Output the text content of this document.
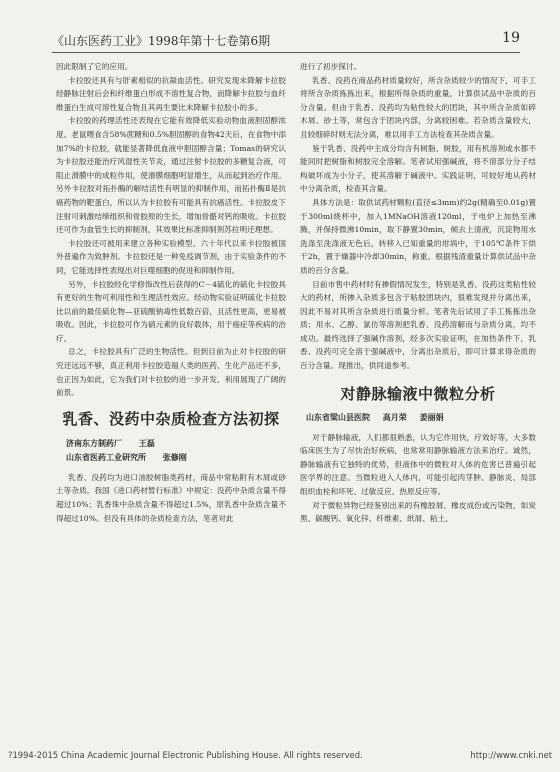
《山东医药工业》1998年第十七卷第6期	19

因此限制了它的应用。

卡拉胶还具有与肝素相似的抗凝血活性。研究发现未降解卡拉胶经静脉注射后会和纤维蛋白形成不溶性复合物，而降解卡拉胶与血纤维蛋白生成可溶性复合物且其再生要比未降解卡拉胶小的多。

卡拉胶的药理活性还表现在它能有效降低实验动物血液胆固醇浓度。老鼠喂食含58%蔗糖和0.5%胆固醇的食物42天后，在食物中添加7%的卡拉胶，就能显著降低血液中胆固醇含量；Tomas的研究认为卡拉胶还能治疗风湿性关节炎，通过注射卡拉胶的多糖复合液，可阻止滑膜中的成粒作用，使滑膜细胞明显增生，从而起到治疗作用。另外卡拉胶对拓扑酶的解结活性有明显的抑制作用，而拓扑酶Ⅱ是抗癌药物的靶蛋白，所以认为卡拉胶有可能具有抗癌活性。卡拉胶皮下注射可刺激结缔组织和骨胶原的生长，增加骨骼对钙的吸收。卡拉胶还可作为血管生长的抑制剂，其效果比标准抑制剂苏拉明还理想。

卡拉胶还可被用来建立各种实验模型。六十年代以来卡拉胶被国外普遍作为致肿剂。卡拉胶还是一种免疫调节剂，由于实验条件的不同，它能选择性表现出对巨噬细胞的促进和抑制作用。

另外，卡拉胶经化学修饰改性后获得的C－4硫化的硫化卡拉胶具有更好的生物可利用性和生理活性效应。经动物实验证明硫化卡拉胶比以前的最佳硫化物—亚硫酸钠毒性低数百倍，且活性更高，更易被吸收。因此，卡拉胶可作为硝元素的良好载体，用于癌症等疾病的治疗。

总之，卡拉胶具有广泛的生物活性。但到目前为止对卡拉胶的研究还远远不够，真正利用卡拉胶造福人类的医药、生化产品还不多，也正因为如此，它为我们对卡拉胶的进一步开发、利用展现了广阔的前景。

乳香、没药中杂质检查方法初探
济南东方制药厂 王磊
山东省医药工业研究所 张修刚

乳香、没药均为进口油胶树脂类药材，商品中常粘附有木屑或砂土等杂质。我国《进口药材暂行标准》中规定：没药中杂质含量不得超过10%；乳香珠中杂质含量不得超过1.5%，原乳香中杂质含量不得超过10%。但没有具体的杂质检查方法，笔者对此

进行了初步探讨。

乳香、没药在商品药材质量较好，所含杂质较少的情况下，可手工将所含杂质拣拣出来，根据所得杂质的重量，计算供试品中杂质的百分含量。但由于乳香、没药均为粘性较大的团块，其中所含杂质如碎木屑、砂土等，常包含于团块内部，分离较困难。若杂质含量较大，且较细碎时则无法分离，难以用手工方法检查其杂质含量。

鉴于乳香、没药中主成分均含有树脂、树胶，用有机溶剂或水都不能同时把树脂和树胶完全溶解。笔者试用强碱液，将不溶部分分子结构破坏成为小分子，使其溶解于碱液中。实践证明，可较好地从药材中分离杂质，检查其含量。

具体方法是：取供试药材颗粒(直径≤3mm)约2g(精确至0.01g)置于300ml烧杯中，加入1MNaOH溶液120ml，于电炉上加热至沸腾，并保持微沸10min，取下静置30min，倾去上清液，沉淀物用水洗涤至洗涤液无色后，转移入已知重量的坩埚中，于105℃条件下烘干2h，置于燥器中冷却30min，称重。根据残渣重量计算供试品中杂质的百分含量。

目前市售中药材时有掺假情况发生，特别是乳香、没药这类粘性较大的药材，所掺入杂质多包含于粘胶团块内，很难发现并分离出来，因此不易对其所含杂质进行质量分析。笔者先后试用了手工拣拣出杂质；用水、乙醇、氯仿等溶剂把乳香、没药溶解而与杂质分离，均不成功。最终选择了强碱作溶剂，经多次实验证明，在加热条件下，乳香、没药可完全溶于强碱液中，分离出杂质后，即可计算求得杂质的百分含量。现推出，供同道参考。

对静脉输液中微粒分析
山东省梁山县医院 高月荣 姜丽娟

对于静脉输液，人们都很熟悉，认为它作用快，疗效好等，大多数临床医生为了尽快治好疾病，也常常用静脉输液方法来治疗。诚然，静脉输液有它独特的优势，但液体中的微粒对人体的危害已普遍引起医学界的注意。当微粒进入人体内，可能引起肉芽肿、静脉炎、局部组织血栓和坏死、过敏反应、热原反应等。

对于微粒异物已经鉴别出来的有橡胶屑、橡皮成份或污染物，如炭黑、碳酸钙、氧化锌、纤维素、纸屑、粘土、

?1994-2015 China Academic Journal Electronic Publishing House. All rights reserved.	http://www.cnki.net
